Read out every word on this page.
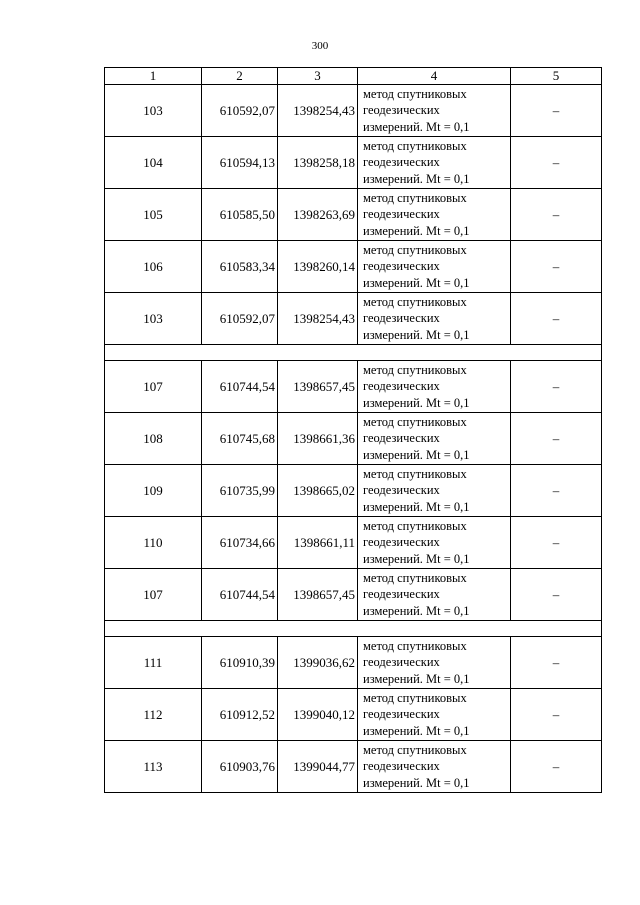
300
1	2	3	4	5
103	610592,07	1398254,43	метод спутниковых
геодезических
измерений. Mt = 0,1	–
104	610594,13	1398258,18	метод спутниковых
геодезических
измерений. Mt = 0,1	–
105	610585,50	1398263,69	метод спутниковых
геодезических
измерений. Mt = 0,1	–
106	610583,34	1398260,14	метод спутниковых
геодезических
измерений. Mt = 0,1	–
103	610592,07	1398254,43	метод спутниковых
геодезических
измерений. Mt = 0,1	–

107	610744,54	1398657,45	метод спутниковых
геодезических
измерений. Mt = 0,1	–
108	610745,68	1398661,36	метод спутниковых
геодезических
измерений. Mt = 0,1	–
109	610735,99	1398665,02	метод спутниковых
геодезических
измерений. Mt = 0,1	–
110	610734,66	1398661,11	метод спутниковых
геодезических
измерений. Mt = 0,1	–
107	610744,54	1398657,45	метод спутниковых
геодезических
измерений. Mt = 0,1	–

111	610910,39	1399036,62	метод спутниковых
геодезических
измерений. Mt = 0,1	–
112	610912,52	1399040,12	метод спутниковых
геодезических
измерений. Mt = 0,1	–
113	610903,76	1399044,77	метод спутниковых
геодезических
измерений. Mt = 0,1	–
